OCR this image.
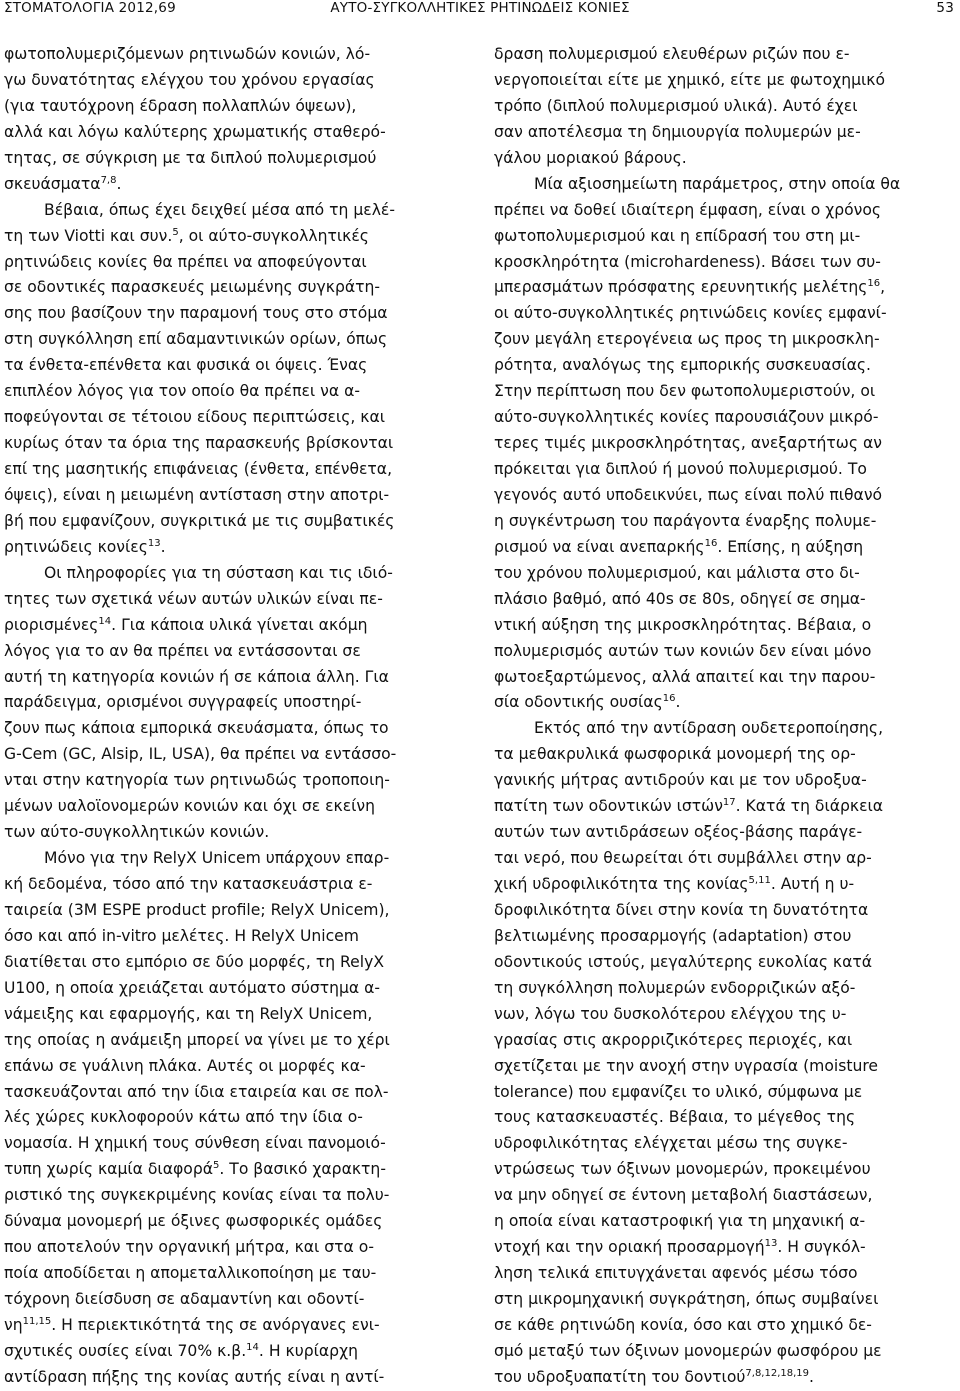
ΣΤΟΜΑΤΟΛΟΓΙΑ 2012,69	ΑΥΤΟ-ΣΥΓΚΟΛΛΗΤΙΚΕΣ ΡΗΤΙΝΩΔΕΙΣ ΚΟΝΙΕΣ	53
φωτοπολυμεριζόμενων ρητινωδών κονιών, λό-
γω δυνατότητας ελέγχου του χρόνου εργασίας
(για ταυτόχρονη έδραση πολλαπλών όψεων),
αλλά και λόγω καλύτερης χρωματικής σταθερό-
τητας, σε σύγκριση με τα διπλού πολυμερισμού
σκευάσματα$^{7,8}$.
Βέβαια, όπως έχει δειχθεί μέσα από τη μελέ-
τη των Viotti και συν.$^5$, οι αύτο-συγκολλητικές
ρητινώδεις κονίες θα πρέπει να αποφεύγονται
σε οδοντικές παρασκευές μειωμένης συγκράτη-
σης που βασίζουν την παραμονή τους στο στόμα
στη συγκόλληση επί αδαμαντινικών ορίων, όπως
τα ένθετα-επένθετα και φυσικά οι όψεις. Ένας
επιπλέον λόγος για τον οποίο θα πρέπει να α-
ποφεύγονται σε τέτοιου είδους περιπτώσεις, και
κυρίως όταν τα όρια της παρασκευής βρίσκονται
επί της μασητικής επιφάνειας (ένθετα, επένθετα,
όψεις), είναι η μειωμένη αντίσταση στην αποτρι-
βή που εμφανίζουν, συγκριτικά με τις συμβατικές
ρητινώδεις κονίες$^{13}$.
Οι πληροφορίες για τη σύσταση και τις ιδιό-
τητες των σχετικά νέων αυτών υλικών είναι πε-
ριορισμένες$^{14}$. Για κάποια υλικά γίνεται ακόμη
λόγος για το αν θα πρέπει να εντάσσονται σε
αυτή τη κατηγορία κονιών ή σε κάποια άλλη. Για
παράδειγμα, ορισμένοι συγγραφείς υποστηρί-
ζουν πως κάποια εμπορικά σκευάσματα, όπως το
G-Cem (GC, Alsip, IL, USA), θα πρέπει να εντάσσο-
νται στην κατηγορία των ρητινωδώς τροποποιη-
μένων υαλοϊονομερών κονιών και όχι σε εκείνη
των αύτο-συγκολλητικών κονιών.
Μόνο για την RelyX Unicem υπάρχουν επαρ-
κή δεδομένα, τόσο από την κατασκευάστρια ε-
ταιρεία (3M ESPE product profile; RelyX Unicem),
όσο και από in-vitro μελέτες. Η RelyX Unicem
διατίθεται στο εμπόριο σε δύο μορφές, τη RelyX
U100, η οποία χρειάζεται αυτόματο σύστημα α-
νάμειξης και εφαρμογής, και τη RelyX Unicem,
της οποίας η ανάμειξη μπορεί να γίνει με το χέρι
επάνω σε γυάλινη πλάκα. Αυτές οι μορφές κα-
τασκευάζονται από την ίδια εταιρεία και σε πολ-
λές χώρες κυκλοφορούν κάτω από την ίδια ο-
νομασία. Η χημική τους σύνθεση είναι πανομοιό-
τυπη χωρίς καμία διαφορά$^5$. Το βασικό χαρακτη-
ριστικό της συγκεκριμένης κονίας είναι τα πολυ-
δύναμα μονομερή με όξινες φωσφορικές ομάδες
που αποτελούν την οργανική μήτρα, και στα ο-
ποία αποδίδεται η απομεταλλικοποίηση με ταυ-
τόχρονη διείσδυση σε αδαμαντίνη και οδοντί-
νη$^{11,15}$. Η περιεκτικότητά της σε ανόργανες ενι-
σχυτικές ουσίες είναι 70% κ.β.$^{14}$. Η κυρίαρχη
αντίδραση πήξης της κονίας αυτής είναι η αντί-
δραση πολυμερισμού ελευθέρων ριζών που ε-
νεργοποιείται είτε με χημικό, είτε με φωτοχημικό
τρόπο (διπλού πολυμερισμού υλικά). Αυτό έχει
σαν αποτέλεσμα τη δημιουργία πολυμερών με-
γάλου μοριακού βάρους.
Μία αξιοσημείωτη παράμετρος, στην οποία θα
πρέπει να δοθεί ιδιαίτερη έμφαση, είναι ο χρόνος
φωτοπολυμερισμού και η επίδρασή του στη μι-
κροσκληρότητα (microhardeness). Βάσει των συ-
μπερασμάτων πρόσφατης ερευνητικής μελέτης$^{16}$,
οι αύτο-συγκολλητικές ρητινώδεις κονίες εμφανί-
ζουν μεγάλη ετερογένεια ως προς τη μικροσκλη-
ρότητα, αναλόγως της εμπορικής συσκευασίας.
Στην περίπτωση που δεν φωτοπολυμεριστούν, οι
αύτο-συγκολλητικές κονίες παρουσιάζουν μικρό-
τερες τιμές μικροσκληρότητας, ανεξαρτήτως αν
πρόκειται για διπλού ή μονού πολυμερισμού. Το
γεγονός αυτό υποδεικνύει, πως είναι πολύ πιθανό
η συγκέντρωση του παράγοντα έναρξης πολυμε-
ρισμού να είναι ανεπαρκής$^{16}$. Επίσης, η αύξηση
του χρόνου πολυμερισμού, και μάλιστα στο δι-
πλάσιο βαθμό, από 40s σε 80s, οδηγεί σε σημα-
ντική αύξηση της μικροσκληρότητας. Βέβαια, ο
πολυμερισμός αυτών των κονιών δεν είναι μόνο
φωτοεξαρτώμενος, αλλά απαιτεί και την παρου-
σία οδοντικής ουσίας$^{16}$.
Εκτός από την αντίδραση ουδετεροποίησης,
τα μεθακρυλικά φωσφορικά μονομερή της ορ-
γανικής μήτρας αντιδρούν και με τον υδροξυα-
πατίτη των οδοντικών ιστών$^{17}$. Κατά τη διάρκεια
αυτών των αντιδράσεων οξέος-βάσης παράγε-
ται νερό, που θεωρείται ότι συμβάλλει στην αρ-
χική υδροφιλικότητα της κονίας$^{5,11}$. Αυτή η υ-
δροφιλικότητα δίνει στην κονία τη δυνατότητα
βελτιωμένης προσαρμογής (adaptation) στου
οδοντικούς ιστούς, μεγαλύτερης ευκολίας κατά
τη συγκόλληση πολυμερών ενδορριζικών αξό-
νων, λόγω του δυσκολότερου ελέγχου της υ-
γρασίας στις ακρορριζικότερες περιοχές, και
σχετίζεται με την ανοχή στην υγρασία (moisture
tolerance) που εμφανίζει το υλικό, σύμφωνα με
τους κατασκευαστές. Βέβαια, το μέγεθος της
υδροφιλικότητας ελέγχεται μέσω της συγκε-
ντρώσεως των όξινων μονομερών, προκειμένου
να μην οδηγεί σε έντονη μεταβολή διαστάσεων,
η οποία είναι καταστροφική για τη μηχανική α-
ντοχή και την οριακή προσαρμογή$^{13}$. Η συγκόλ-
ληση τελικά επιτυγχάνεται αφενός μέσω τόσο
στη μικρομηχανική συγκράτηση, όπως συμβαίνει
σε κάθε ρητινώδη κονία, όσο και στο χημικό δε-
σμό μεταξύ των όξινων μονομερών φωσφόρου με
του υδροξυαπατίτη του δοντιού$^{7,8,12,18,19}$.
